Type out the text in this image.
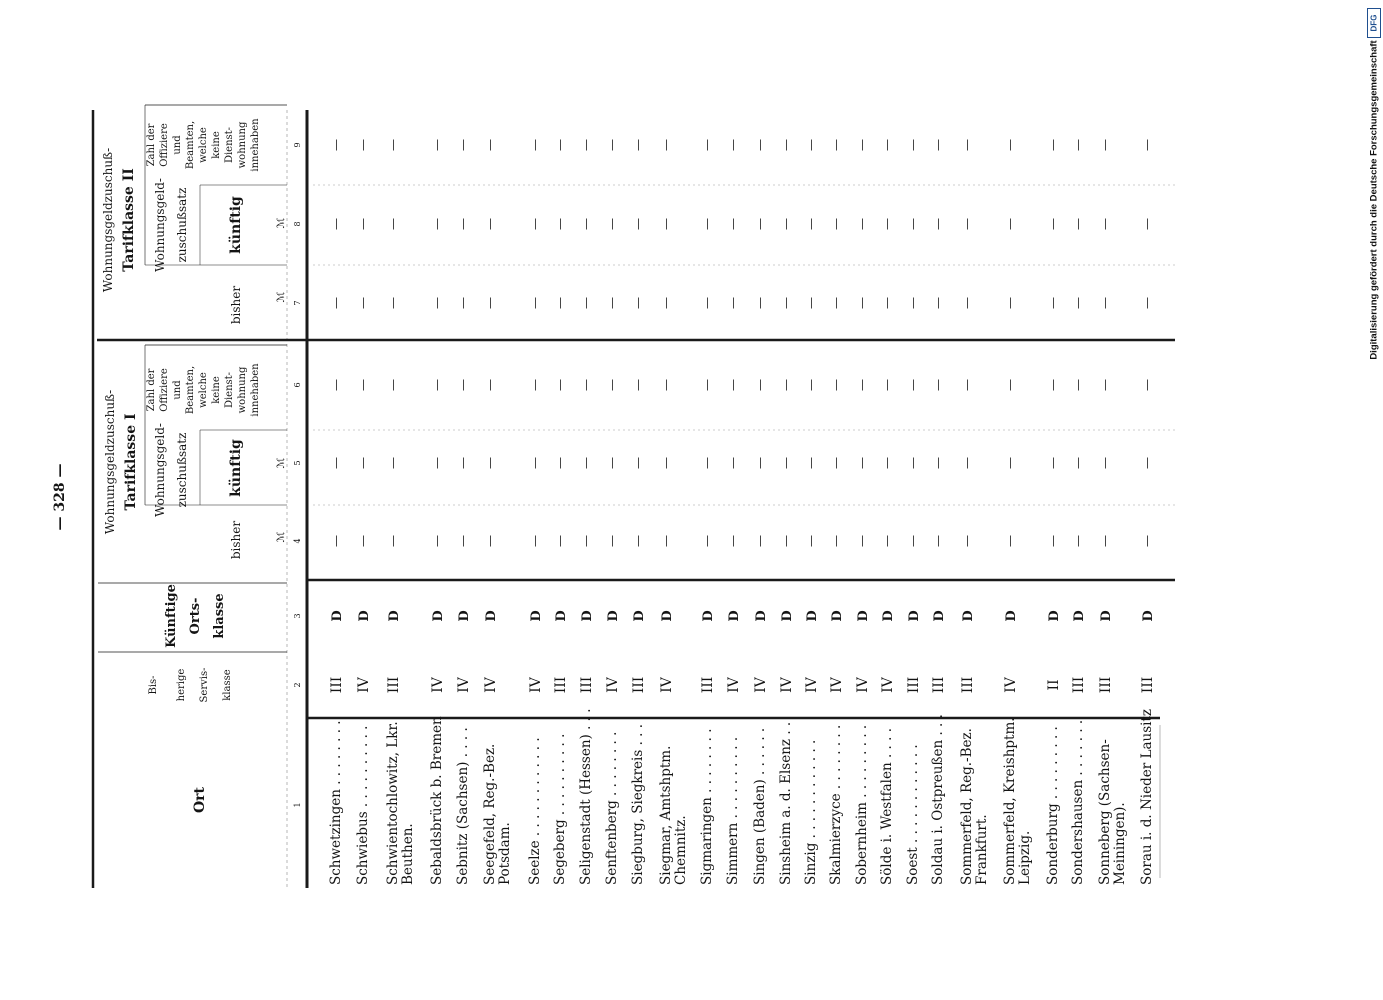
DFG
Digitalisierung gefördert durch die Deutsche Forschungsgemeinschaft
— 328 —
Ort
Bis- herige Servis- klasse
Künftige Orts- klasse
Wohnungsgeldzuschuß- Tarifklasse I Wohnungsgeld- zuschußsatz
bisher
künftig
ℳ
ℳ
Zahl der Offiziere und Beamten, welche keine Dienst- wohnung innehaben
Wohnungsgeldzuschuß- Tarifklasse II Wohnungsgeld- zuschußsatz
bisher
künftig
ℳ
ℳ
Zahl der Offiziere und Beamten, welche keine Dienst- wohnung innehaben
1
2
3
4
5
6
7
8
9
Schwetzingen . . . . . . . .
III
D
—
—
—
—
—
—
Schwiebus . . . . . . . . . .
IV
D
—
—
—
—
—
—
Schwientochlowitz, Lkr. Beuthen.
III
D
—
—
—
—
—
—
Sebaldsbrück b. Bremen
IV
D
—
—
—
—
—
—
Sebnitz (Sachsen) . . . .
IV
D
—
—
—
—
—
—
Seegefeld, Reg.-Bez. Potsdam.
IV
D
—
—
—
—
—
—
Seelze . . . . . . . . . . . .
IV
D
—
—
—
—
—
—
Segeberg . . . . . . . . . .
III
D
—
—
—
—
—
—
Seligenstadt (Hessen) . . .
III
D
—
—
—
—
—
—
Senftenberg . . . . . . . .
IV
D
—
—
—
—
—
—
Siegburg, Siegkreis . . .
III
D
—
—
—
—
—
—
Siegmar, Amtshptm. Chemnitz.
IV
D
—
—
—
—
—
—
Sigmaringen . . . . . . . .
III
D
—
—
—
—
—
—
Simmern . . . . . . . . . .
IV
D
—
—
—
—
—
—
Singen (Baden) . . . . . .
IV
D
—
—
—
—
—
—
Sinsheim a. d. Elsenz . .
IV
D
—
—
—
—
—
—
Sinzig . . . . . . . . . . . .
IV
D
—
—
—
—
—
—
Skalmierzyce . . . . . . . .
IV
D
—
—
—
—
—
—
Sobernheim . . . . . . . . .
IV
D
—
—
—
—
—
—
Sölde i. Westfalen . . . .
IV
D
—
—
—
—
—
—
Soest . . . . . . . . . . . .
III
D
—
—
—
—
—
—
Soldau i. Ostpreußen . . .
III
D
—
—
—
—
—
—
Sommerfeld, Reg.-Bez. Frankfurt.
III
D
—
—
—
—
—
—
Sommerfeld, Kreishptm. Leipzig.
IV
D
—
—
—
—
—
—
Sonderburg . . . . . . . . .
II
D
—
—
—
—
—
—
Sondershausen . . . . . . .
III
D
—
—
—
—
—
—
Sonneberg (Sachsen- Meiningen).
III
D
—
—
—
—
—
—
Sorau i. d. Nieder Lausitz
III
D
—
—
—
—
—
—
